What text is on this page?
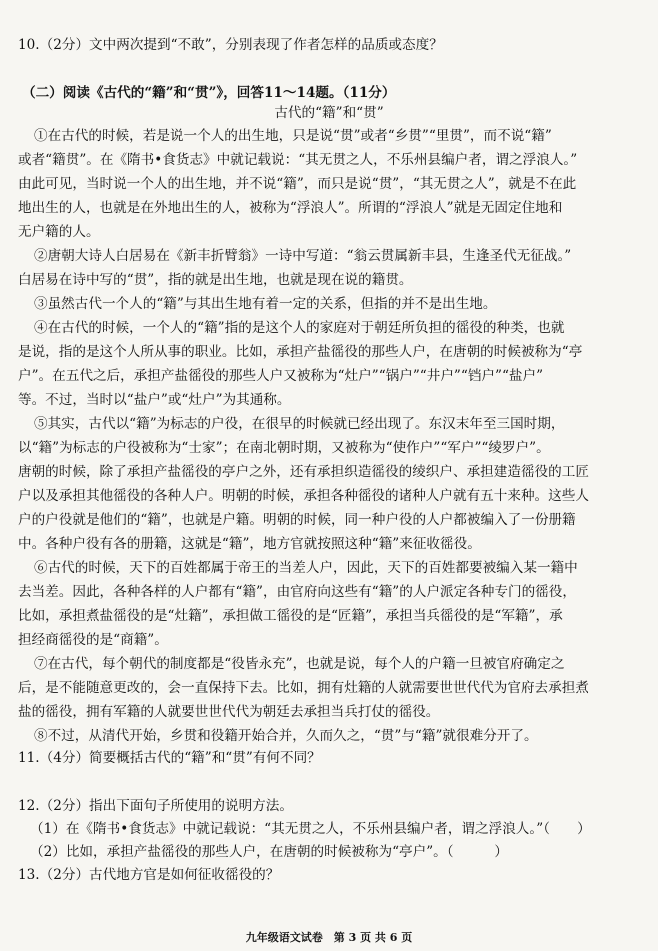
10.（2分）文中两次提到“不敢”，分别表现了作者怎样的品质或态度？
（二）阅读《古代的“籍”和“贯”》，回答11～14题。（11分）
古代的“籍”和“贯”
①在古代的时候，若是说一个人的出生地，只是说“贯”或者“乡贯”“里贯”，而不说“籍”
或者“籍贯”。在《隋书•食货志》中就记载说：“其无贯之人，不乐州县编户者，谓之浮浪人。”
由此可见，当时说一个人的出生地，并不说“籍”，而只是说“贯”，“其无贯之人”，就是不在此
地出生的人，也就是在外地出生的人，被称为“浮浪人”。所谓的“浮浪人”就是无固定住地和
无户籍的人。
②唐朝大诗人白居易在《新丰折臂翁》一诗中写道：“翁云贯属新丰县，生逢圣代无征战。”
白居易在诗中写的“贯”，指的就是出生地，也就是现在说的籍贯。
③虽然古代一个人的“籍”与其出生地有着一定的关系，但指的并不是出生地。
④在古代的时候，一个人的“籍”指的是这个人的家庭对于朝廷所负担的徭役的种类，也就
是说，指的是这个人所从事的职业。比如，承担产盐徭役的那些人户，在唐朝的时候被称为“亭
户”。在五代之后，承担产盐徭役的那些人户又被称为“灶户”“锅户”“井户”“铛户”“盐户”
等。不过，当时以“盐户”或“灶户”为其通称。
⑤其实，古代以“籍”为标志的户役，在很早的时候就已经出现了。东汉末年至三国时期，
以“籍”为标志的户役被称为“士家”；在南北朝时期，又被称为“使作户”“军户”“绫罗户”。
唐朝的时候，除了承担产盐徭役的亭户之外，还有承担织造徭役的绫织户、承担建造徭役的工匠
户以及承担其他徭役的各种人户。明朝的时候，承担各种徭役的诸种人户就有五十来种。这些人
户的户役就是他们的“籍”，也就是户籍。明朝的时候，同一种户役的人户都被编入了一份册籍
中。各种户役有各的册籍，这就是“籍”，地方官就按照这种“籍”来征收徭役。
⑥古代的时候，天下的百姓都属于帝王的当差人户，因此，天下的百姓都要被编入某一籍中
去当差。因此，各种各样的人户都有“籍”，由官府向这些有“籍”的人户派定各种专门的徭役，
比如，承担煮盐徭役的是“灶籍”，承担做工徭役的是“匠籍”，承担当兵徭役的是“军籍”，承
担经商徭役的是“商籍”。
⑦在古代，每个朝代的制度都是“役皆永充”，也就是说，每个人的户籍一旦被官府确定之
后，是不能随意更改的，会一直保持下去。比如，拥有灶籍的人就需要世世代代为官府去承担煮
盐的徭役，拥有军籍的人就要世世代代为朝廷去承担当兵打仗的徭役。
⑧不过，从清代开始，乡贯和役籍开始合并，久而久之，“贯”与“籍”就很难分开了。
11.（4分）简要概括古代的“籍”和“贯”有何不同？
12.（2分）指出下面句子所使用的说明方法。
（1）在《隋书•食货志》中就记载说：“其无贯之人，不乐州县编户者，谓之浮浪人。”（　　）
（2）比如，承担产盐徭役的那些人户，在唐朝的时候被称为“亭户”。（　　　）
13.（2分）古代地方官是如何征收徭役的？
九年级语文试卷　第 3 页 共 6 页
